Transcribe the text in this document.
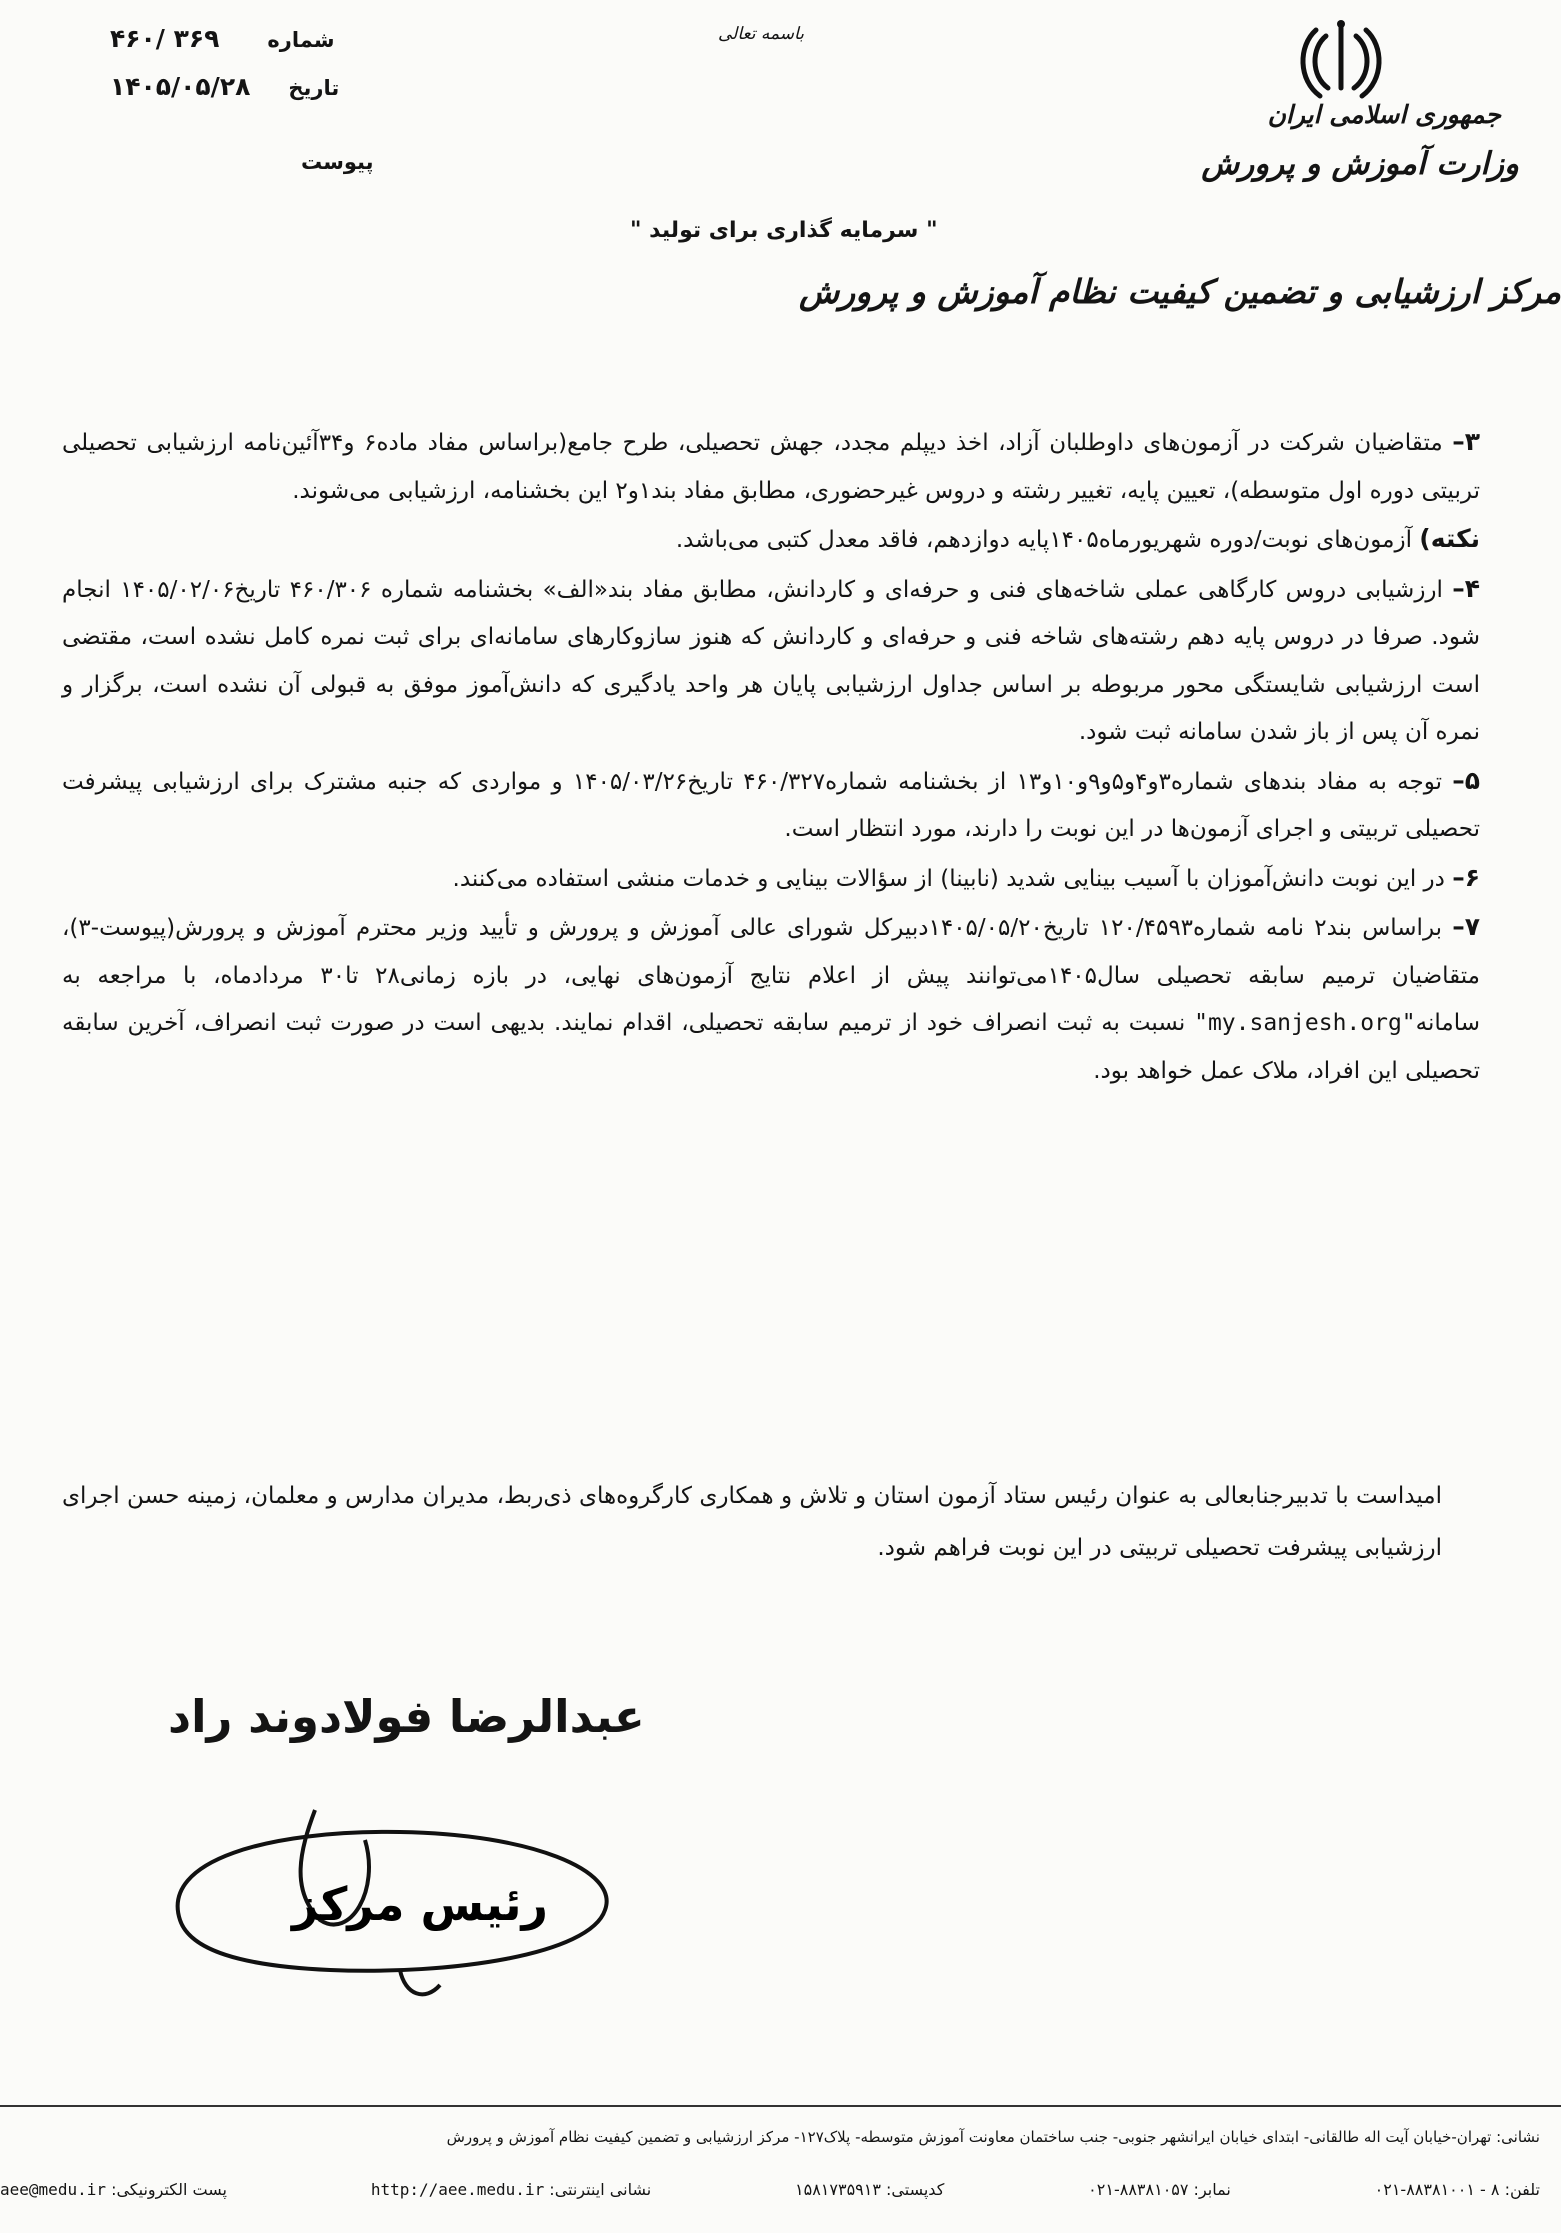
۴۶۰/ ۳۶۹ شماره
۱۴۰۵/۰۵/۲۸ تاریخ
پیوست
باسمه تعالی
جمهوری اسلامی ایران
وزارت آموزش و پرورش
" سرمایه گذاری برای تولید "
مرکز ارزشیابی و تضمین کیفیت نظام آموزش و پرورش

۳– متقاضیان شرکت در آزمون‌های داوطلبان آزاد، اخذ دیپلم مجدد، جهش تحصیلی، طرح جامع(براساس مفاد ماده۶ و۳۴آئین‌نامه ارزشیابی تحصیلی تربیتی دوره اول متوسطه)، تعیین پایه، تغییر رشته و دروس غیرحضوری، مطابق مفاد بند۱و۲ این بخشنامه، ارزشیابی می‌شوند.

نکته) آزمون‌های نوبت/دوره شهریورماه۱۴۰۵پایه دوازدهم، فاقد معدل کتبی می‌باشد.

۴– ارزشیابی دروس کارگاهی عملی شاخه‌های فنی و حرفه‌ای و کاردانش، مطابق مفاد بند«الف» بخشنامه شماره ۴۶۰/۳۰۶ تاریخ۱۴۰۵/۰۲/۰۶ انجام شود. صرفا در دروس پایه دهم رشته‌های شاخه فنی و حرفه‌ای و کاردانش که هنوز سازوکارهای سامانه‌ای برای ثبت نمره کامل نشده است، مقتضی است ارزشیابی شایستگی محور مربوطه بر اساس جداول ارزشیابی پایان هر واحد یادگیری که دانش‌آموز موفق به قبولی آن نشده است، برگزار و نمره آن پس از باز شدن سامانه ثبت شود.

۵– توجه به مفاد بندهای شماره۳و۴و۵و۹و۱۰و۱۳ از بخشنامه شماره۴۶۰/۳۲۷ تاریخ۱۴۰۵/۰۳/۲۶ و مواردی که جنبه مشترک برای ارزشیابی پیشرفت تحصیلی تربیتی و اجرای آزمون‌ها در این نوبت را دارند، مورد انتظار است.

۶– در این نوبت دانش‌آموزان با آسیب بینایی شدید (نابینا) از سؤالات بینایی و خدمات منشی استفاده می‌کنند.

۷– براساس بند۲ نامه شماره۱۲۰/۴۵۹۳ تاریخ۱۴۰۵/۰۵/۲۰دبیرکل شورای عالی آموزش و پرورش و تأیید وزیر محترم آموزش و پرورش(پیوست-۳)، متقاضیان ترمیم سابقه تحصیلی سال۱۴۰۵می‌توانند پیش از اعلام نتایج آزمون‌های نهایی، در بازه زمانی۲۸ تا۳۰ مردادماه، با مراجعه به سامانه"my.sanjesh.org" نسبت به ثبت انصراف خود از ترمیم سابقه تحصیلی، اقدام نمایند. بدیهی است در صورت ثبت انصراف، آخرین سابقه تحصیلی این افراد، ملاک عمل خواهد بود.

امیداست با تدبیرجنابعالی به عنوان رئیس ستاد آزمون استان و تلاش و همکاری کارگروه‌های ذی‌ربط، مدیران مدارس و معلمان، زمینه حسن اجرای ارزشیابی پیشرفت تحصیلی تربیتی در این نوبت فراهم شود.
عبدالرضا فولادوند راد
رئیس مرکز
نشانی: تهران-خیابان آیت اله طالقانی- ابتدای خیابان ایرانشهر جنوبی- جنب ساختمان معاونت آموزش متوسطه- پلاک۱۲۷- مرکز ارزشیابی و تضمین کیفیت نظام آموزش و پرورش
تلفن: ۸ - ۸۸۳۸۱۰۰۱-۰۲۱
نمابر: ۸۸۳۸۱۰۵۷-۰۲۱
کدپستی: ۱۵۸۱۷۳۵۹۱۳
نشانی اینترنتی: http://aee.medu.ir
پست الکترونیکی: aee@medu.ir
